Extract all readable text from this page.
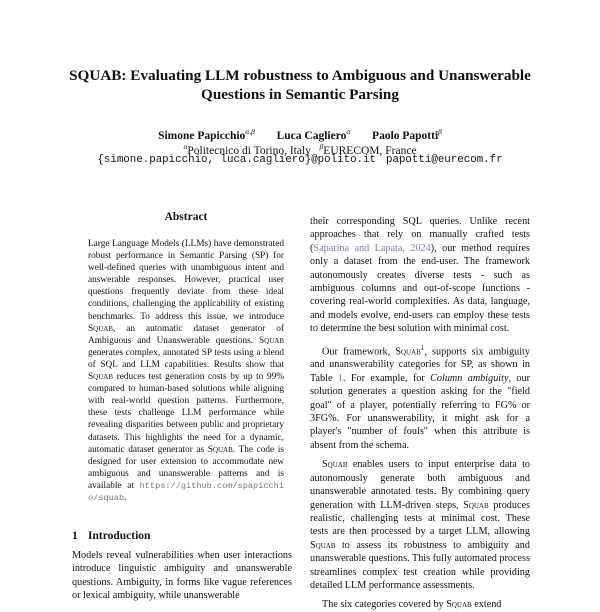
SQUAB: Evaluating LLM robustness to Ambiguous and Unanswerable
Questions in Semantic Parsing
Simone Papicchio$^{\alpha,\beta}$ Luca Cagliero$^\alpha$ Paolo Papotti$^\beta$
$^\alpha$Politecnico di Torino, Italy $^\beta$EURECOM, France
{simone.papicchio, luca.cagliero}@polito.it papotti@eurecom.fr
Abstract
Large Language Models (LLMs) have demonstrated robust performance in Semantic Parsing (SP) for well-defined queries with unambiguous intent and answerable responses. However, practical user questions frequently deviate from these ideal conditions, challenging the applicability of existing benchmarks. To address this issue, we introduce Squab, an automatic dataset generator of Ambiguous and Unanswerable questions. Squab generates complex, annotated SP tests using a blend of SQL and LLM capabilities. Results show that Squab reduces test generation costs by up to 99% compared to human-based solutions while aligning with real-world question patterns. Furthermore, these tests challenge LLM performance while revealing disparities between public and proprietary datasets. This highlights the need for a dynamic, automatic dataset generator as Squab. The code is designed for user extension to accommodate new ambiguous and unanswerable patterns and is available at https://github.com/spapicchio/squab.
1 Introduction
Models reveal vulnerabilities when user interactions introduce linguistic ambiguity and unanswerable questions. Ambiguity, in forms like vague references or lexical ambiguity, while unanswerable

their corresponding SQL queries. Unlike recent approaches that rely on manually crafted tests (Saparina and Lapata, 2024), our method requires only a dataset from the end-user. The framework autonomously creates diverse tests - such as ambiguous columns and out-of-scope functions - covering real-world complexities. As data, language, and models evolve, end-users can employ these tests to determine the best solution with minimal cost.

Our framework, Squab$^1$, supports six ambiguity and unanswerability categories for SP, as shown in Table 1. For example, for Column ambiguity, our solution generates a question asking for the "field goal" of a player, potentially referring to FG% or 3FG%. For unanswerability, it might ask for a player's "number of fouls" when this attribute is absent from the schema.

Squab enables users to input enterprise data to autonomously generate both ambiguous and unanswerable annotated tests. By combining query generation with LLM-driven steps, Squab produces realistic, challenging tests at minimal cost. These tests are then processed by a target LLM, allowing Squab to assess its robustness to ambiguity and unanswerable questions. This fully automated process streamlines complex test creation while providing detailed LLM performance assessments.

The six categories covered by Squab extend
